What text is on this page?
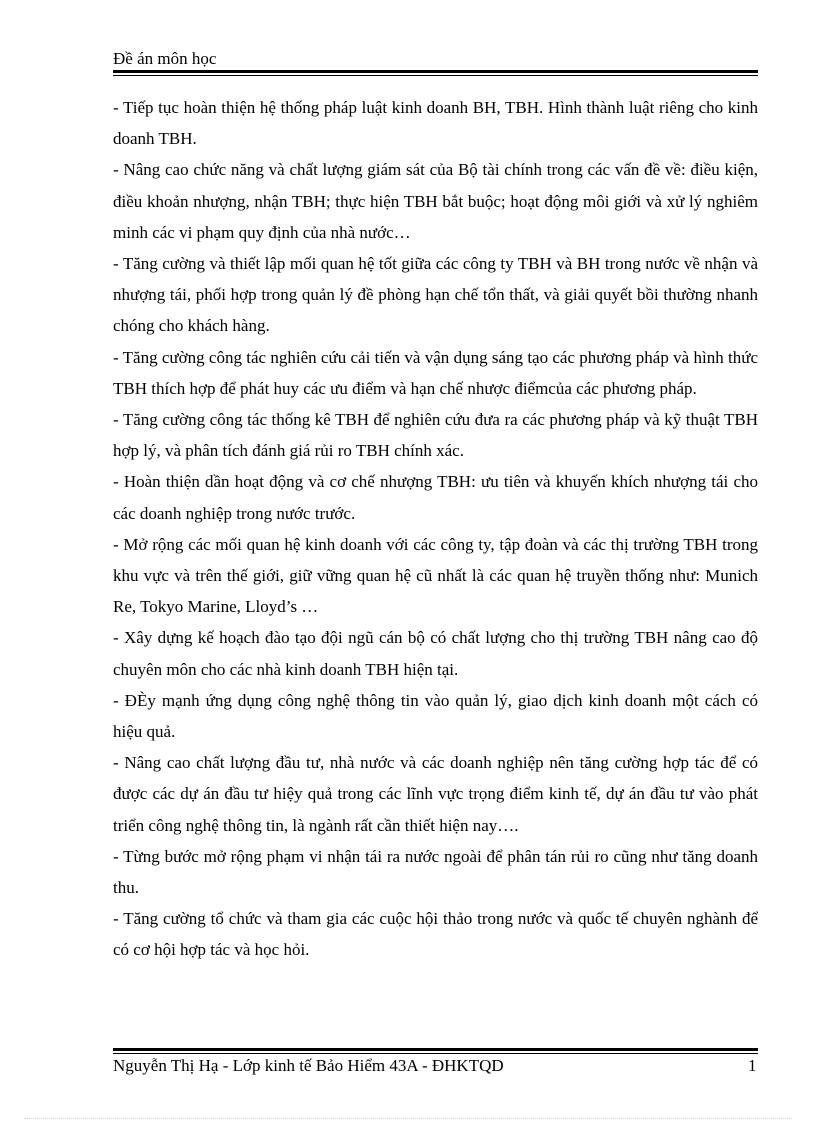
Đề án môn học

- Tiếp tục hoàn thiện hệ thống pháp luật kinh doanh BH, TBH. Hình thành luật riêng cho kinh doanh TBH.

- Nâng cao chức năng và chất lượng giám sát của Bộ tài chính trong các vấn đề về: điều kiện, điều khoản nhượng, nhận TBH; thực hiện TBH bắt buộc; hoạt động môi giới và xử lý nghiêm minh các vi phạm quy định của nhà nước…

- Tăng cường và thiết lập mối quan hệ tốt giữa các công ty TBH và BH trong nước về nhận và nhượng tái, phối hợp trong quản lý đề phòng hạn chế tổn thất, và giải quyết bồi thường nhanh chóng cho khách hàng.

- Tăng cường công tác nghiên cứu cải tiến và vận dụng sáng tạo các phương pháp và hình thức TBH thích hợp để phát huy các ưu điểm và hạn chế nhược điểmcủa các phương pháp.

- Tăng cường công tác thống kê TBH để nghiên cứu đưa ra các phương pháp và kỹ thuật TBH hợp lý, và phân tích đánh giá rủi ro TBH chính xác.

- Hoàn thiện dần hoạt động và cơ chế nhượng TBH: ưu tiên và khuyến khích nhượng tái cho các doanh nghiệp trong nước trước.

- Mở rộng các mối quan hệ kinh doanh với các công ty, tập đoàn và các thị trường TBH trong khu vực và trên thế giới, giữ vững quan hệ cũ nhất là các quan hệ truyền thống như: Munich Re, Tokyo Marine, Lloyd’s …

- Xây dựng kế hoạch đào tạo đội ngũ cán bộ có chất lượng cho thị trường TBH nâng cao độ chuyên môn cho các nhà kinh doanh TBH hiện tại.

- ĐÈy mạnh ứng dụng công nghệ thông tin vào quản lý, giao dịch kinh doanh một cách có hiệu quả.

- Nâng cao chất lượng đầu tư, nhà nước và các doanh nghiệp nên tăng cường hợp tác để có được các dự án đầu tư hiệy quả trong các lĩnh vực trọng điểm kinh tế, dự án đầu tư vào phát triển công nghệ thông tin, là ngành rất cần thiết hiện nay….

- Từng bước mở rộng phạm vi nhận tái ra nước ngoài để phân tán rủi ro cũng như tăng doanh thu.

- Tăng cường tổ chức và tham gia các cuộc hội thảo trong nước và quốc tế chuyên nghành để có cơ hội hợp tác và học hỏi.

Nguyễn Thị Hạ - Lớp kinh tế Bảo Hiểm 43A - ĐHKTQD	1
